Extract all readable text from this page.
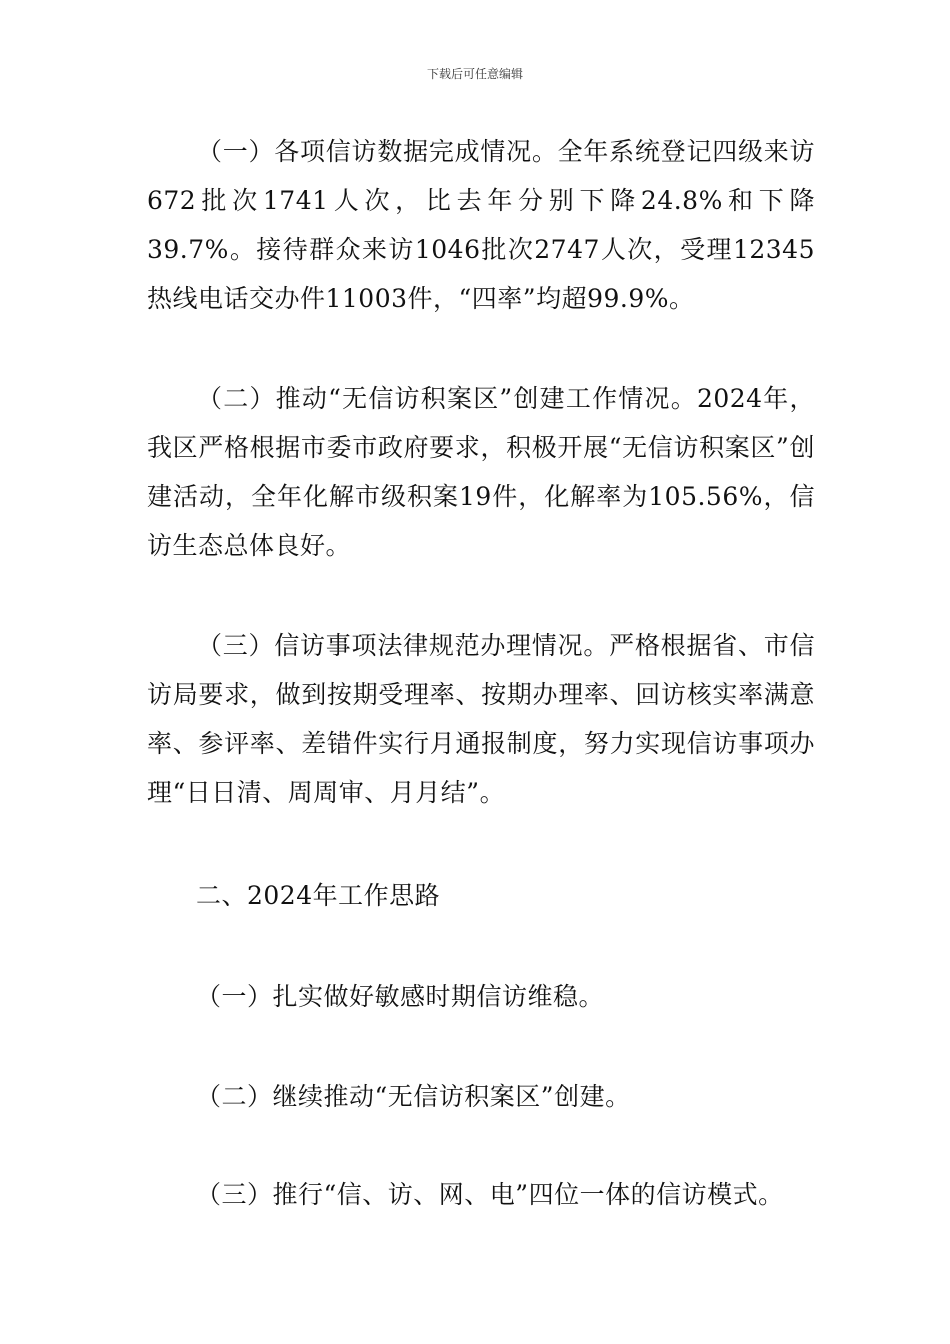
下载后可任意编辑

（一）各项信访数据完成情况。全年系统登记四级来访672批次1741人次，比去年分别下降24.8%和下降39.7%。接待群众来访1046批次2747人次，受理12345热线电话交办件11003件，“四率”均超99.9%。

（二）推动“无信访积案区”创建工作情况。2024年，我区严格根据市委市政府要求，积极开展“无信访积案区”创建活动，全年化解市级积案19件，化解率为105.56%，信访生态总体良好。

（三）信访事项法律规范办理情况。严格根据省、市信访局要求，做到按期受理率、按期办理率、回访核实率满意率、参评率、差错件实行月通报制度，努力实现信访事项办理“日日清、周周审、月月结”。

二、2024年工作思路

（一）扎实做好敏感时期信访维稳。

（二）继续推动“无信访积案区”创建。

（三）推行“信、访、网、电”四位一体的信访模式。
